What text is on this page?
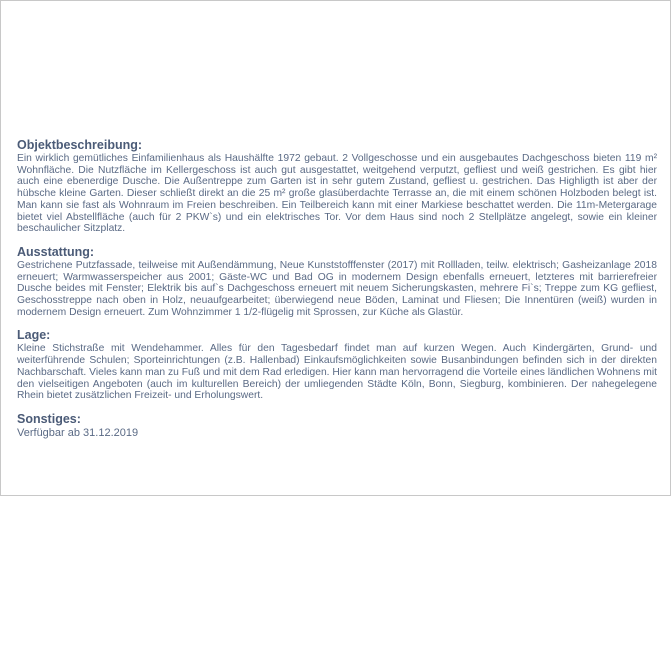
Objektbeschreibung:

Ein wirklich gemütliches Einfamilienhaus als Haushälfte 1972 gebaut. 2 Vollgeschosse und ein ausgebautes Dachgeschoss bieten 119 m² Wohnfläche. Die Nutzfläche im Kellergeschoss ist auch gut ausgestattet, weitgehend verputzt, gefliest und weiß gestrichen. Es gibt hier auch eine ebenerdige Dusche. Die Außentreppe zum Garten ist in sehr gutem Zustand, gefliest u. gestrichen. Das Highligth ist aber der hübsche kleine Garten. Dieser schließt direkt an die 25 m² große glasüberdachte Terrasse an, die mit einem schönen Holzboden belegt ist. Man kann sie fast als Wohnraum im Freien beschreiben. Ein Teilbereich kann mit einer Markiese beschattet werden. Die 11m-Metergarage bietet viel Abstellfläche (auch für 2 PKW`s) und ein elektrisches Tor. Vor dem Haus sind noch 2 Stellplätze angelegt, sowie ein kleiner beschaulicher Sitzplatz.

Ausstattung:

Gestrichene Putzfassade, teilweise mit Außendämmung, Neue Kunststofffenster (2017) mit Rollladen, teilw. elektrisch; Gasheizanlage 2018 erneuert; Warmwasserspeicher aus 2001; Gäste-WC und Bad OG in modernem Design ebenfalls erneuert, letzteres mit barrierefreier Dusche beides mit Fenster; Elektrik bis auf`s Dachgeschoss erneuert mit neuem Sicherungskasten, mehrere Fi`s; Treppe zum KG gefliest, Geschosstreppe nach oben in Holz, neuaufgearbeitet; überwiegend neue Böden, Laminat und Fliesen; Die Innentüren (weiß) wurden in modernem Design erneuert. Zum Wohnzimmer 1 1/2-flügelig mit Sprossen, zur Küche als Glastür.

Lage:

Kleine Stichstraße mit Wendehammer. Alles für den Tagesbedarf findet man auf kurzen Wegen. Auch Kindergärten, Grund- und weiterführende Schulen; Sporteinrichtungen (z.B. Hallenbad) Einkaufsmöglichkeiten sowie Busanbindungen befinden sich in der direkten Nachbarschaft. Vieles kann man zu Fuß und mit dem Rad erledigen. Hier kann man hervorragend die Vorteile eines ländlichen Wohnens mit den vielseitigen Angeboten (auch im kulturellen Bereich) der umliegenden Städte Köln, Bonn, Siegburg, kombinieren. Der nahegelegene Rhein bietet zusätzlichen Freizeit- und Erholungswert.

Sonstiges:

Verfügbar ab 31.12.2019
